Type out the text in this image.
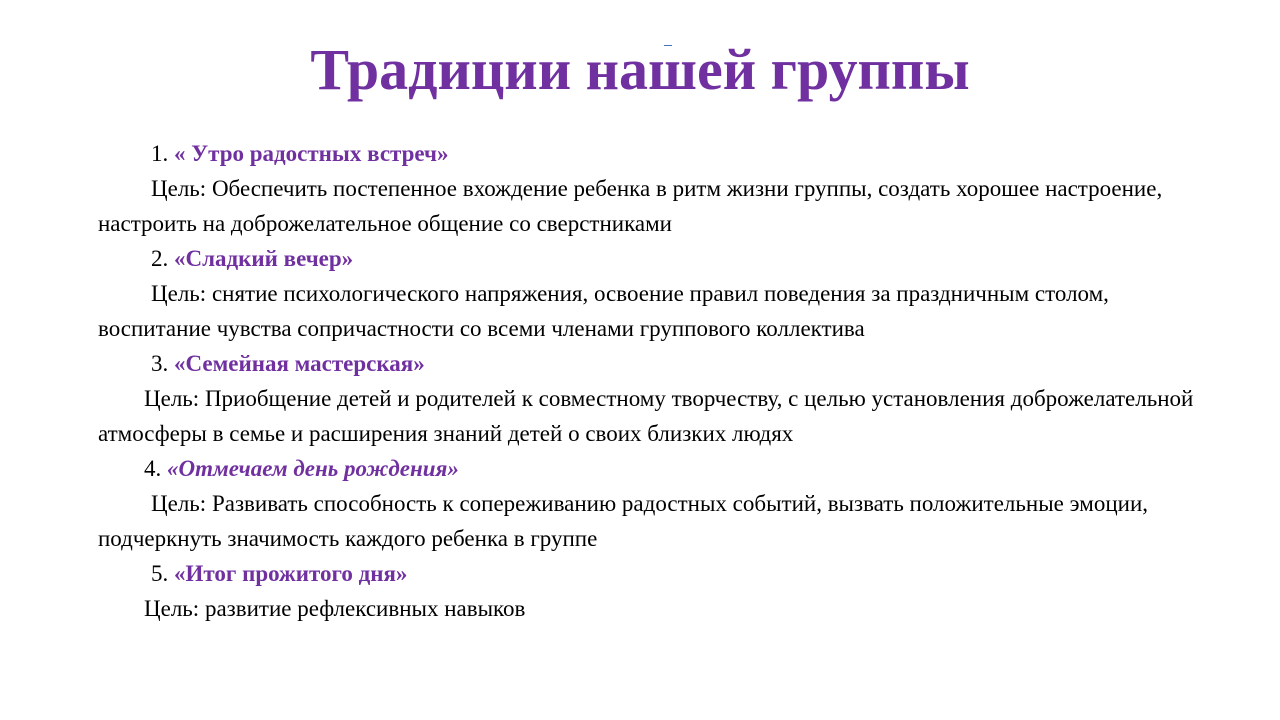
Традиции нашей группы

1. « Утро радостных встреч»

Цель: Обеспечить постепенное вхождение ребенка в ритм жизни группы, создать хорошее настроение, настроить на доброжелательное общение со сверстниками

2. «Сладкий вечер»

Цель: снятие психологического напряжения, освоение правил поведения за праздничным столом, воспитание чувства сопричастности со всеми членами группового коллектива

3. «Семейная мастерская»

Цель: Приобщение детей и родителей к совместному творчеству, с целью установления доброжелательной атмосферы в семье и расширения знаний детей о своих близких людях

4. «Отмечаем день рождения»

Цель: Развивать способность к сопереживанию радостных событий, вызвать положительные эмоции, подчеркнуть значимость каждого ребенка в группе

5. «Итог прожитого дня»

Цель: развитие рефлексивных навыков
